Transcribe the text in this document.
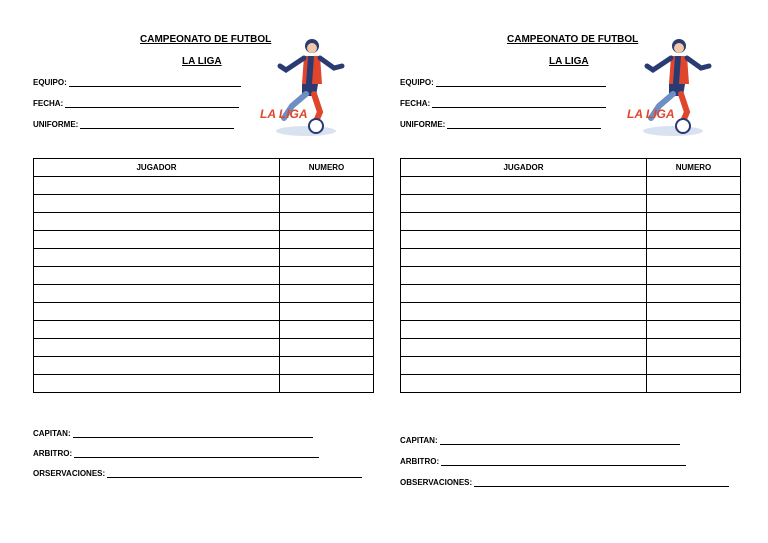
CAMPEONATO DE FUTBOL
LA LIGA
EQUIPO:
FECHA:
UNIFORME:
LA LIGA
JUGADOR	NUMERO

CAPITAN:
ARBITRO:
ORSERVACIONES:
CAMPEONATO DE FUTBOL
LA LIGA
EQUIPO:
FECHA:
UNIFORME:
LA LIGA
JUGADOR	NUMERO

CAPITAN:
ARBITRO:
OBSERVACIONES:
